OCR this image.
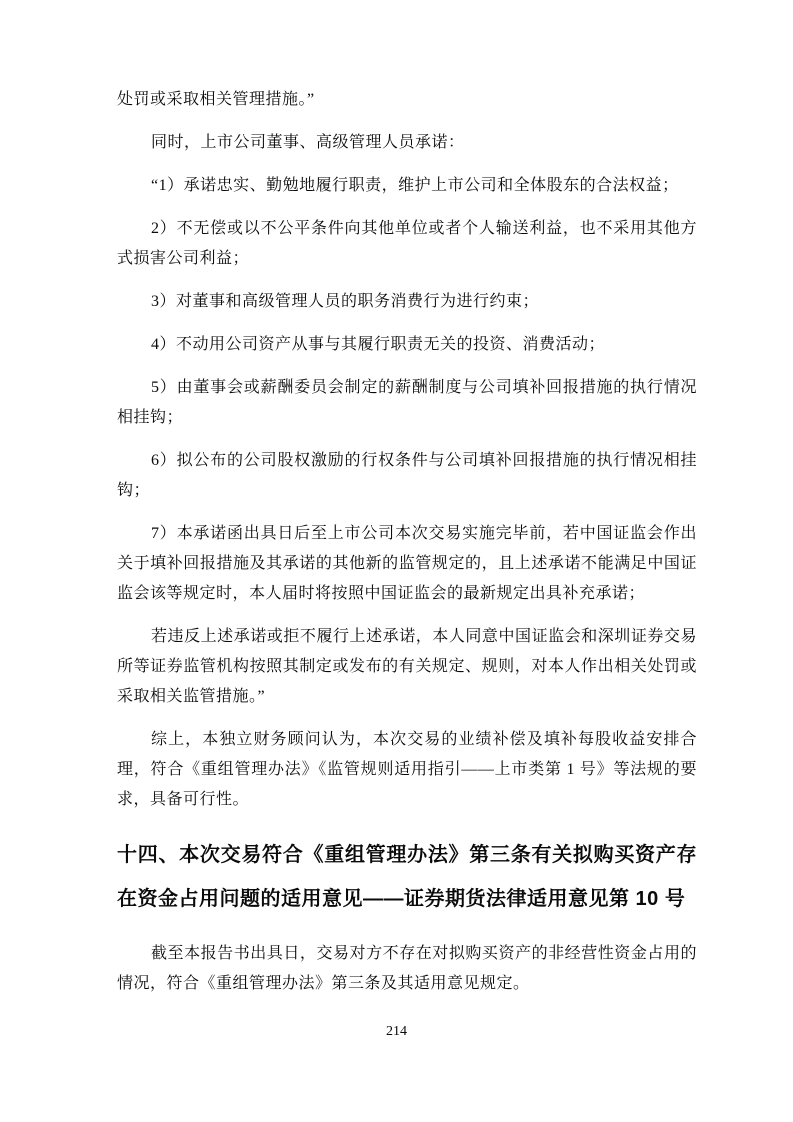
处罚或采取相关管理措施。”

同时，上市公司董事、高级管理人员承诺：

“1）承诺忠实、勤勉地履行职责，维护上市公司和全体股东的合法权益；

2）不无偿或以不公平条件向其他单位或者个人输送利益，也不采用其他方式损害公司利益；

3）对董事和高级管理人员的职务消费行为进行约束；

4）不动用公司资产从事与其履行职责无关的投资、消费活动；

5）由董事会或薪酬委员会制定的薪酬制度与公司填补回报措施的执行情况相挂钩；

6）拟公布的公司股权激励的行权条件与公司填补回报措施的执行情况相挂钩；

7）本承诺函出具日后至上市公司本次交易实施完毕前，若中国证监会作出关于填补回报措施及其承诺的其他新的监管规定的，且上述承诺不能满足中国证监会该等规定时，本人届时将按照中国证监会的最新规定出具补充承诺；

若违反上述承诺或拒不履行上述承诺，本人同意中国证监会和深圳证券交易所等证券监管机构按照其制定或发布的有关规定、规则，对本人作出相关处罚或采取相关监管措施。”

综上，本独立财务顾问认为，本次交易的业绩补偿及填补每股收益安排合理，符合《重组管理办法》《监管规则适用指引——上市类第 1 号》等法规的要求，具备可行性。

十四、本次交易符合《重组管理办法》第三条有关拟购买资产存在资金占用问题的适用意见——证券期货法律适用意见第 10 号

截至本报告书出具日，交易对方不存在对拟购买资产的非经营性资金占用的情况，符合《重组管理办法》第三条及其适用意见规定。

214
